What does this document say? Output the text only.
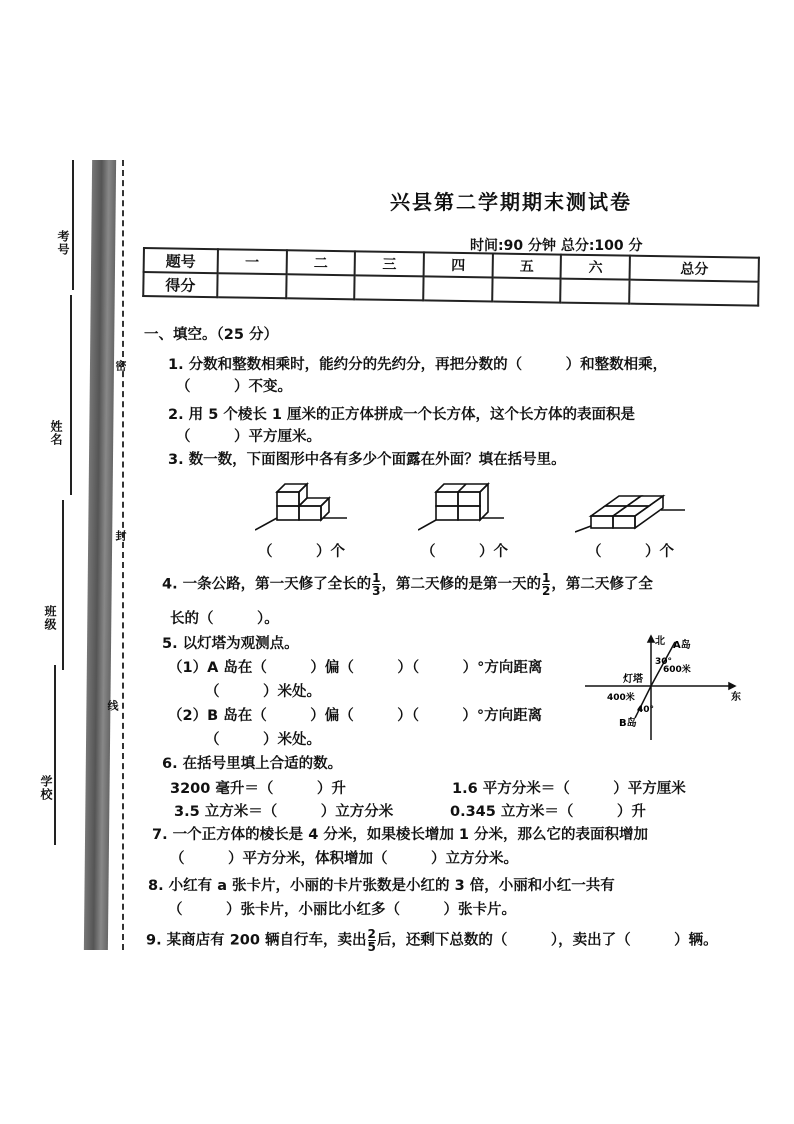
考号
姓名
班级
学校
密
封
线
兴县第二学期期末测试卷
时间:90 分钟 总分:100 分
题号	一	二	三	四	五	六	总分
得分							
一、填空。（25 分）
1. 分数和整数相乘时，能约分的先约分，再把分数的（　　　）和整数相乘，
（　　　）不变。
2. 用 5 个棱长 1 厘米的正方体拼成一个长方体，这个长方体的表面积是
（　　　）平方厘米。
3. 数一数，下面图形中各有多少个面露在外面？填在括号里。
（　　　）个	（　　　）个	（　　　）个
4. 一条公路，第一天修了全长的 $\frac{1}{3}$ ，第二天修的是第一天的 $\frac{1}{2}$ ，第二天修了全
长的（　　　）。
5. 以灯塔为观测点。
（1）A 岛在（　　　）偏（　　　）（　　　）°方向距离
（　　　）米处。
（2）B 岛在（　　　）偏（　　　）（　　　）°方向距离
（　　　）米处。
北 A岛
30°
600米
灯塔
东
400米
40°
B岛
6. 在括号里填上合适的数。
3200 毫升＝（　　　）升	1.6 平方分米＝（　　　）平方厘米
3.5 立方米＝（　　　）立方分米	0.345 立方米＝（　　　）升
7. 一个正方体的棱长是 4 分米，如果棱长增加 1 分米，那么它的表面积增加
（　　　）平方分米，体积增加（　　　）立方分米。
8. 小红有 a 张卡片，小丽的卡片张数是小红的 3 倍，小丽和小红一共有
（　　　）张卡片，小丽比小红多（　　　）张卡片。
9. 某商店有 200 辆自行车，卖出 $\frac{2}{5}$ 后，还剩下总数的（　　　），卖出了（　　　）辆。
